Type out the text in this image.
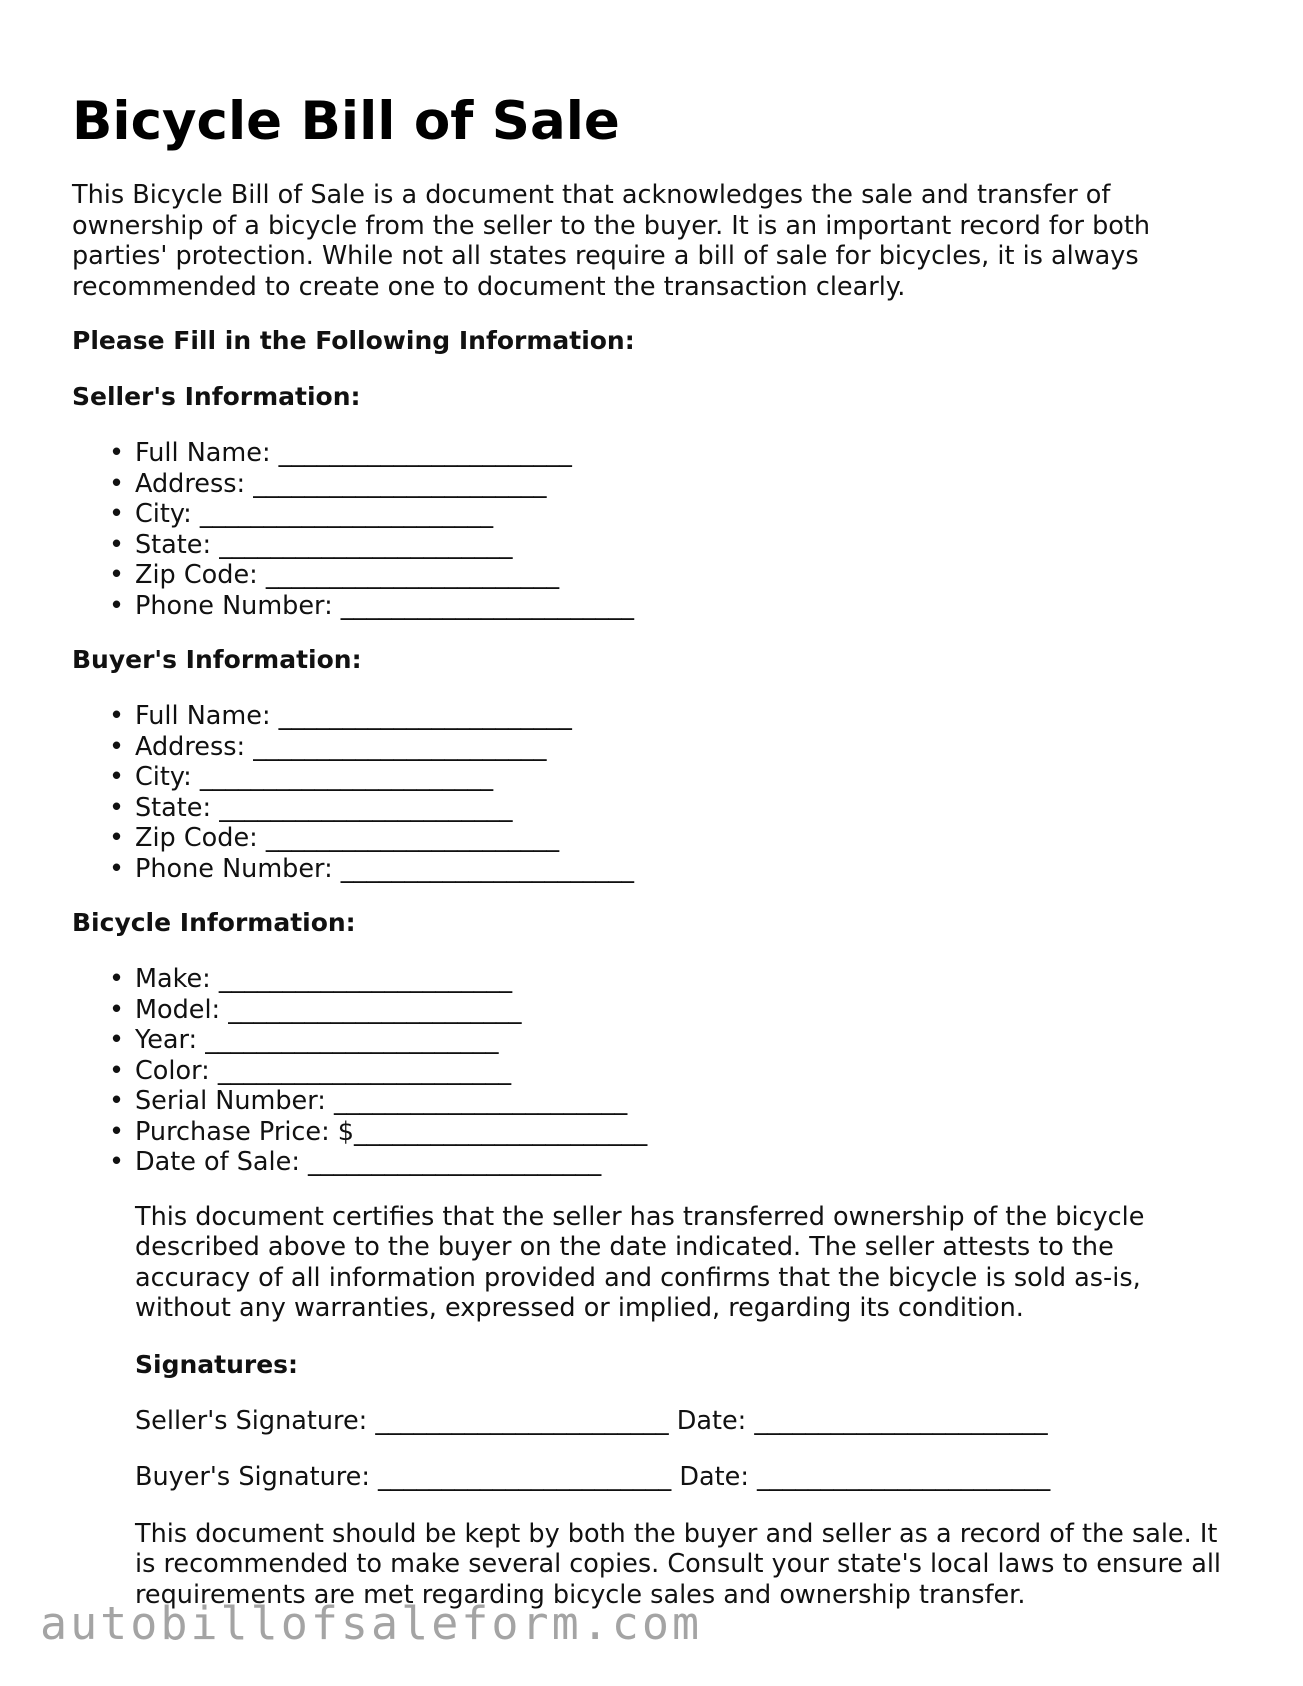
Bicycle Bill of Sale

This Bicycle Bill of Sale is a document that acknowledges the sale and transfer of ownership of a bicycle from the seller to the buyer. It is an important record for both parties' protection. While not all states require a bill of sale for bicycles, it is always recommended to create one to document the transaction clearly.

Please Fill in the Following Information:
Seller's Information:
• Full Name: _______________________
• Address: _______________________
• City: _______________________
• State: _______________________
• Zip Code: _______________________
• Phone Number: _______________________
Buyer's Information:
• Full Name: _______________________
• Address: _______________________
• City: _______________________
• State: _______________________
• Zip Code: _______________________
• Phone Number: _______________________
Bicycle Information:
• Make: _______________________
• Model: _______________________
• Year: _______________________
• Color: _______________________
• Serial Number: _______________________
• Purchase Price: $_______________________
• Date of Sale: _______________________

This document certifies that the seller has transferred ownership of the bicycle described above to the buyer on the date indicated. The seller attests to the accuracy of all information provided and confirms that the bicycle is sold as-is, without any warranties, expressed or implied, regarding its condition.

Signatures:
Seller's Signature: _______________________ Date: _______________________
Buyer's Signature: _______________________ Date: _______________________

This document should be kept by both the buyer and seller as a record of the sale. It is recommended to make several copies. Consult your state's local laws to ensure all requirements are met regarding bicycle sales and ownership transfer.

autobillofsaleform.com
